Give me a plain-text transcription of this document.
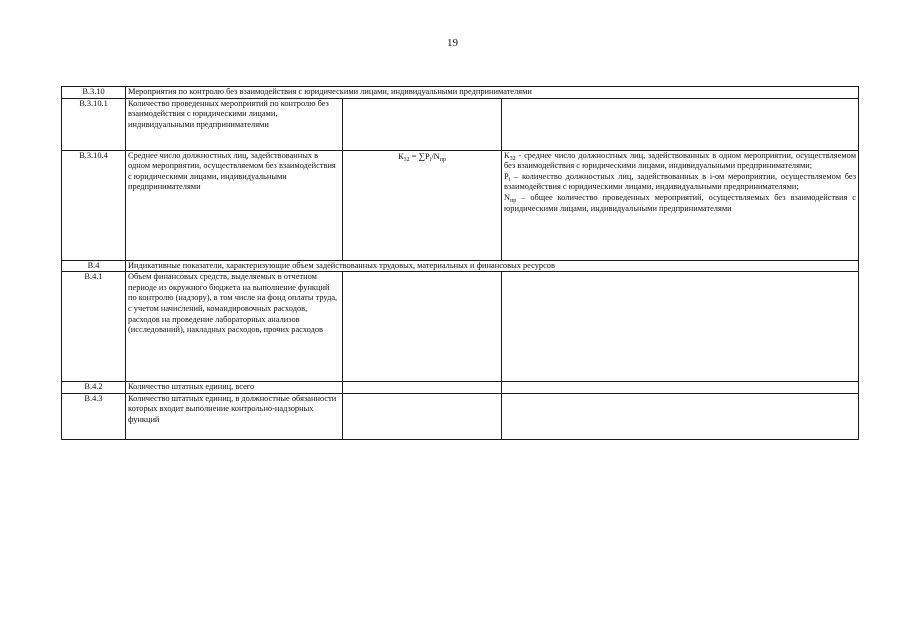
19
В.3.10	Мероприятия по контролю без взаимодействия с юридическими лицами, индивидуальными предпринимателями		
В.3.10.1	Количество проведенных мероприятий по контролю без взаимодействия с юридическими лицами, индивидуальными предпринимателями		
В.3.10.4	Среднее число должностных лиц, задействованных в одном мероприятии, осуществляемом без взаимодействия с юридическими лицами, индивидуальными предпринимателями	$К_{32} = \sum P_i/N_{пр}$	$К_{32}$ - среднее число должностных лиц, задействованных в одном мероприятии, осуществляемом без взаимодействия с юридическими лицами, индивидуальными предпринимателями;
$P_i$ – количество должностных лиц, задействованных в i-ом мероприятии, осуществляемом без взаимодействия с юридическими лицами, индивидуальными предпринимателями;
$N_{пр}$ – общее количество проведенных мероприятий, осуществляемых без взаимодействия с юридическими лицами, индивидуальными предпринимателями

В.4	Индикативные показатели, характеризующие объем задействованных трудовых, материальных и финансовых ресурсов		
В.4.1	Объем финансовых средств, выделяемых в отчетном периоде из окружного бюджета на выполнение функций по контролю (надзору), в том числе на фонд оплаты труда, с учетом начислений, командировочных расходов, расходов на проведение лабораторных анализов (исследований), накладных расходов, прочих расходов		
В.4.2	Количество штатных единиц, всего		
В.4.3	Количество штатных единиц, в должностные обязанности которых входит выполнение контрольно-надзорных функций		
